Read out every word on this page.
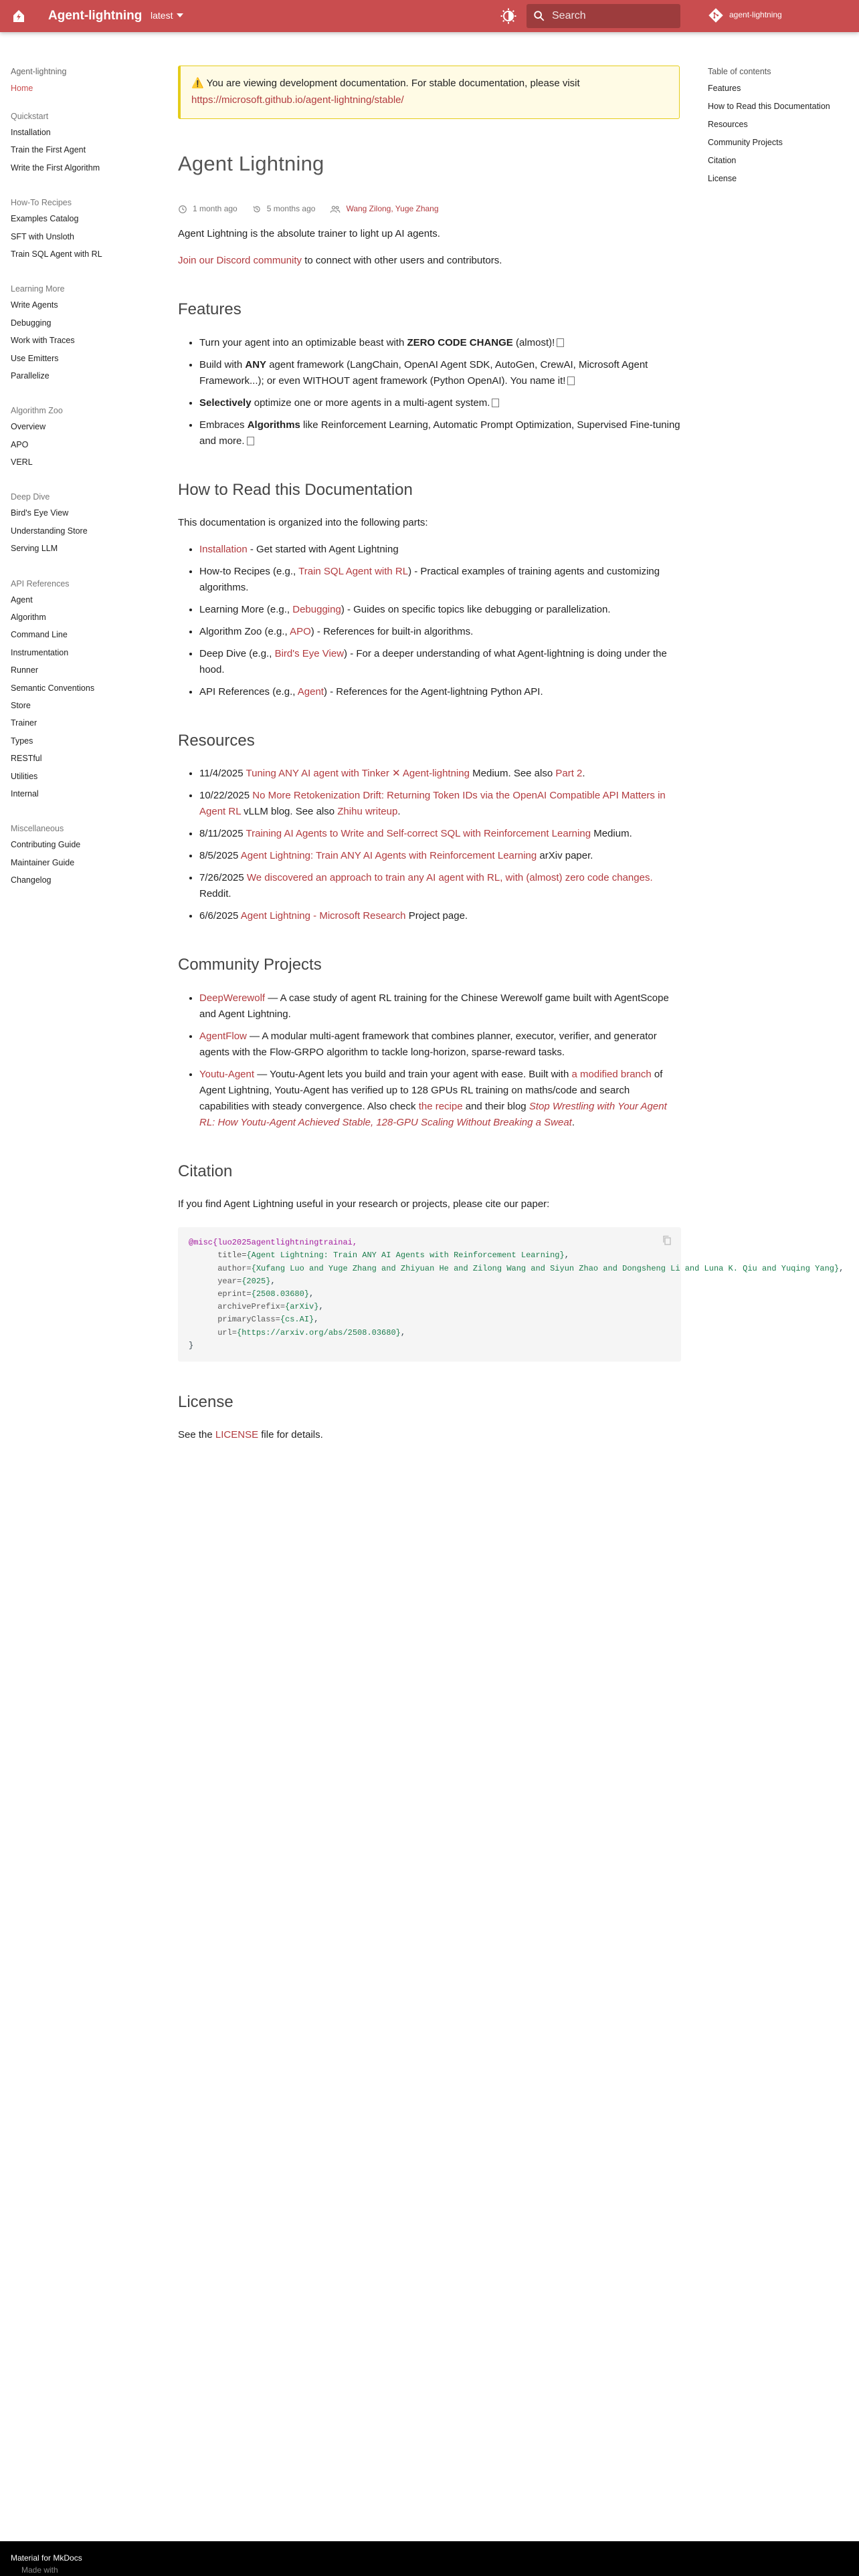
Agent-lightning latest
Search	agent-lightning
Agent-lightning
Home
Quickstart
Installation
Train the First Agent
Write the First Algorithm
How-To Recipes
Examples Catalog
SFT with Unsloth
Train SQL Agent with RL
Learning More
Write Agents
Debugging
Work with Traces
Use Emitters
Parallelize
Algorithm Zoo
Overview
APO
VERL
Deep Dive
Bird's Eye View
Understanding Store
Serving LLM
API References
Agent
Algorithm
Command Line
Instrumentation
Runner
Semantic Conventions
Store
Trainer
Types
RESTful
Utilities
Internal
Miscellaneous
Contributing Guide
Maintainer Guide
Changelog
Table of contents
Features
How to Read this Documentation
Resources
Community Projects
Citation
License
⚠️ You are viewing development documentation. For stable documentation, please visit
https://microsoft.github.io/agent-lightning/stable/
Agent Lightning
1 month ago	5 months ago	Wang Zilong, Yuge Zhang

Agent Lightning is the absolute trainer to light up AI agents.

Join our Discord community to connect with other users and contributors.

Features
• Turn your agent into an optimizable beast with ZERO CODE CHANGE (almost)!
• Build with ANY agent framework (LangChain, OpenAI Agent SDK, AutoGen, CrewAI, Microsoft Agent Framework...); or even WITHOUT agent framework (Python OpenAI). You name it!
• Selectively optimize one or more agents in a multi-agent system.
• Embraces Algorithms like Reinforcement Learning, Automatic Prompt Optimization, Supervised Fine-tuning and more.
How to Read this Documentation

This documentation is organized into the following parts:

• Installation - Get started with Agent Lightning
• How-to Recipes (e.g., Train SQL Agent with RL) - Practical examples of training agents and customizing algorithms.
• Learning More (e.g., Debugging) - Guides on specific topics like debugging or parallelization.
• Algorithm Zoo (e.g., APO) - References for built-in algorithms.
• Deep Dive (e.g., Bird's Eye View) - For a deeper understanding of what Agent-lightning is doing under the hood.
• API References (e.g., Agent) - References for the Agent-lightning Python API.
Resources
• 11/4/2025 Tuning ANY AI agent with Tinker ✕ Agent-lightning Medium. See also Part 2.
• 10/22/2025 No More Retokenization Drift: Returning Token IDs via the OpenAI Compatible API Matters in Agent RL vLLM blog. See also Zhihu writeup.
• 8/11/2025 Training AI Agents to Write and Self-correct SQL with Reinforcement Learning Medium.
• 8/5/2025 Agent Lightning: Train ANY AI Agents with Reinforcement Learning arXiv paper.
• 7/26/2025 We discovered an approach to train any AI agent with RL, with (almost) zero code changes. Reddit.
• 6/6/2025 Agent Lightning - Microsoft Research Project page.
Community Projects
• DeepWerewolf — A case study of agent RL training for the Chinese Werewolf game built with AgentScope and Agent Lightning.
• AgentFlow — A modular multi-agent framework that combines planner, executor, verifier, and generator agents with the Flow-GRPO algorithm to tackle long-horizon, sparse-reward tasks.
• Youtu-Agent — Youtu-Agent lets you build and train your agent with ease. Built with a modified branch of Agent Lightning, Youtu-Agent has verified up to 128 GPUs RL training on maths/code and search capabilities with steady convergence. Also check the recipe and their blog Stop Wrestling with Your Agent RL: How Youtu-Agent Achieved Stable, 128-GPU Scaling Without Breaking a Sweat.
Citation

If you find Agent Lightning useful in your research or projects, please cite our paper:

@misc{luo2025agentlightningtrainai,
title={Agent Lightning: Train ANY AI Agents with Reinforcement Learning},
author={Xufang Luo and Yuge Zhang and Zhiyuan He and Zilong Wang and Siyun Zhao and Dongsheng Li and Luna K. Qiu and Yuqing Yang},
year={2025},
eprint={2508.03680},
archivePrefix={arXiv},
primaryClass={cs.AI},
url={https://arxiv.org/abs/2508.03680},
}
License

See the LICENSE file for details.

Made with
Material for MkDocs
